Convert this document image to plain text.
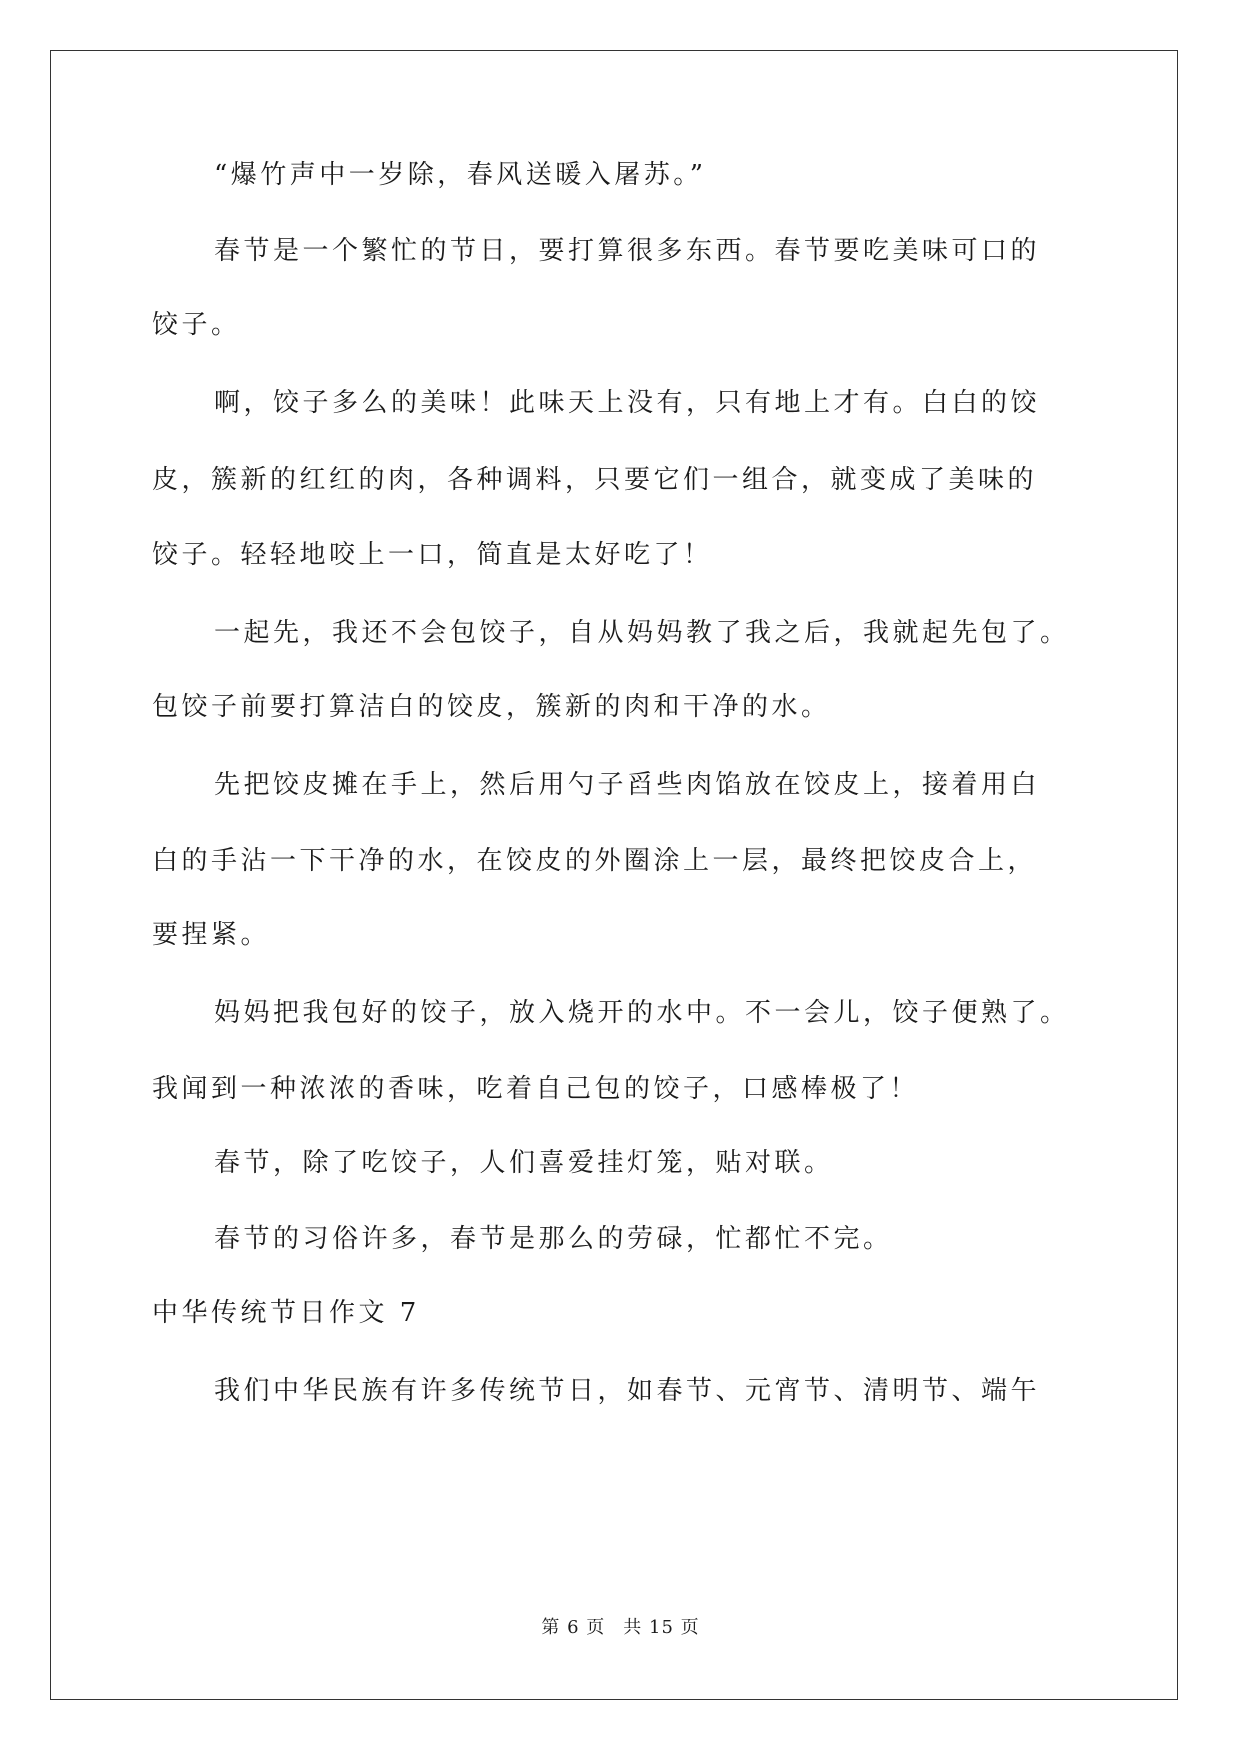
“爆竹声中一岁除，春风送暖入屠苏。”
春节是一个繁忙的节日，要打算很多东西。春节要吃美味可口的
饺子。
啊，饺子多么的美味！此味天上没有，只有地上才有。白白的饺
皮，簇新的红红的肉，各种调料，只要它们一组合，就变成了美味的
饺子。轻轻地咬上一口，简直是太好吃了！
一起先，我还不会包饺子，自从妈妈教了我之后，我就起先包了。
包饺子前要打算洁白的饺皮，簇新的肉和干净的水。
先把饺皮摊在手上，然后用勺子舀些肉馅放在饺皮上，接着用白
白的手沾一下干净的水，在饺皮的外圈涂上一层，最终把饺皮合上，
要捏紧。
妈妈把我包好的饺子，放入烧开的水中。不一会儿，饺子便熟了。
我闻到一种浓浓的香味，吃着自己包的饺子，口感棒极了！
春节，除了吃饺子，人们喜爱挂灯笼，贴对联。
春节的习俗许多，春节是那么的劳碌，忙都忙不完。
中华传统节日作文 7
我们中华民族有许多传统节日，如春节、元宵节、清明节、端午
第 6 页 共 15 页
